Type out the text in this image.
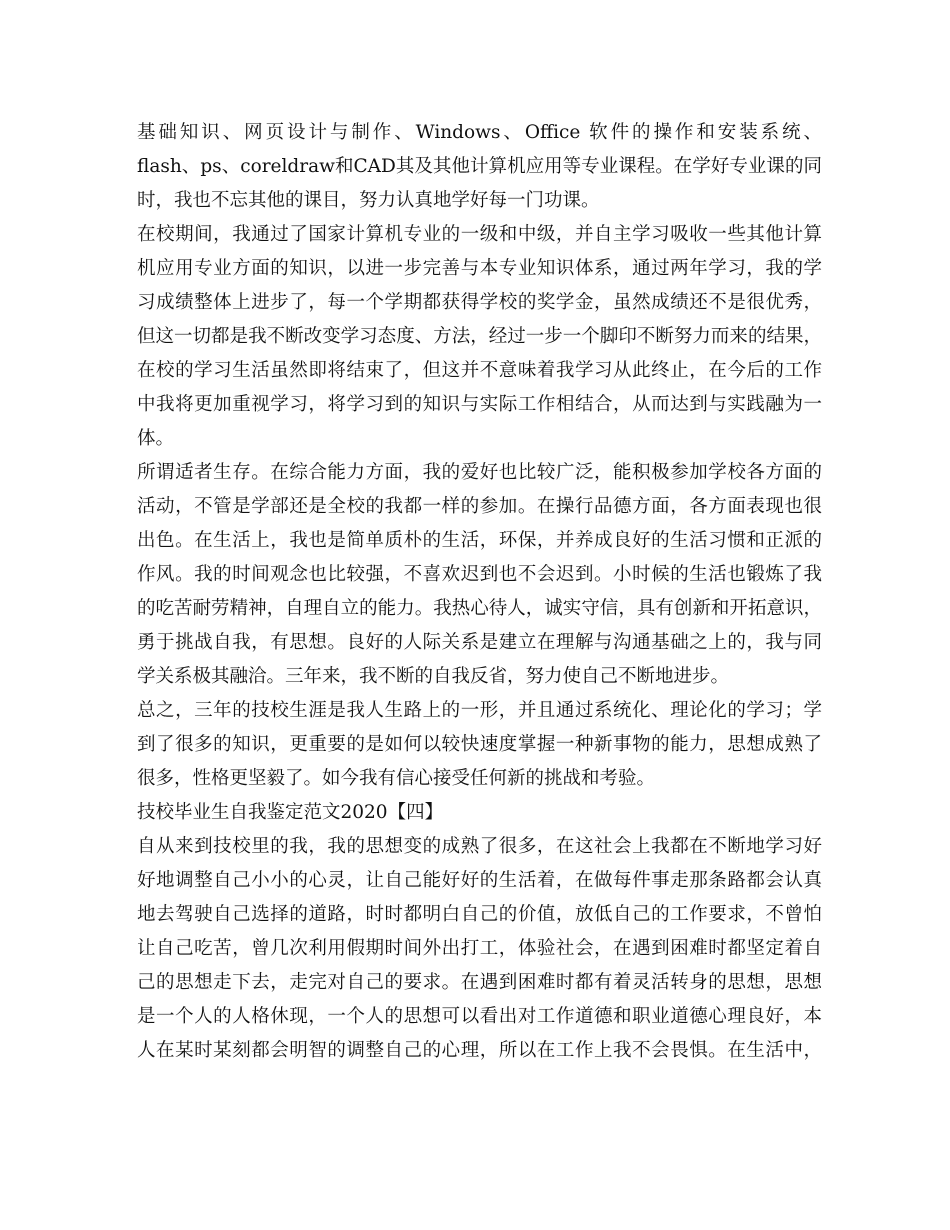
基础知识、网页设计与制作、Windows、Office 软件的操作和安装系统、
flash、ps、coreldraw和CAD其及其他计算机应用等专业课程。在学好专业课的同
时，我也不忘其他的课目，努力认真地学好每一门功课。
在校期间，我通过了国家计算机专业的一级和中级，并自主学习吸收一些其他计算
机应用专业方面的知识，以进一步完善与本专业知识体系，通过两年学习，我的学
习成绩整体上进步了，每一个学期都获得学校的奖学金，虽然成绩还不是很优秀，
但这一切都是我不断改变学习态度、方法，经过一步一个脚印不断努力而来的结果，
在校的学习生活虽然即将结束了，但这并不意味着我学习从此终止，在今后的工作
中我将更加重视学习，将学习到的知识与实际工作相结合，从而达到与实践融为一
体。
所谓适者生存。在综合能力方面，我的爱好也比较广泛，能积极参加学校各方面的
活动，不管是学部还是全校的我都一样的参加。在操行品德方面，各方面表现也很
出色。在生活上，我也是简单质朴的生活，环保，并养成良好的生活习惯和正派的
作风。我的时间观念也比较强，不喜欢迟到也不会迟到。小时候的生活也锻炼了我
的吃苦耐劳精神，自理自立的能力。我热心待人，诚实守信，具有创新和开拓意识，
勇于挑战自我，有思想。良好的人际关系是建立在理解与沟通基础之上的，我与同
学关系极其融洽。三年来，我不断的自我反省，努力使自己不断地进步。
总之，三年的技校生涯是我人生路上的一形，并且通过系统化、理论化的学习；学
到了很多的知识，更重要的是如何以较快速度掌握一种新事物的能力，思想成熟了
很多，性格更坚毅了。如今我有信心接受任何新的挑战和考验。
技校毕业生自我鉴定范文2020【四】
自从来到技校里的我，我的思想变的成熟了很多，在这社会上我都在不断地学习好
好地调整自己小小的心灵，让自己能好好的生活着，在做每件事走那条路都会认真
地去驾驶自己选择的道路，时时都明白自己的价值，放低自己的工作要求，不曾怕
让自己吃苦，曾几次利用假期时间外出打工，体验社会，在遇到困难时都坚定着自
己的思想走下去，走完对自己的要求。在遇到困难时都有着灵活转身的思想，思想
是一个人的人格休现，一个人的思想可以看出对工作道德和职业道德心理良好，本
人在某时某刻都会明智的调整自己的心理，所以在工作上我不会畏惧。在生活中，
